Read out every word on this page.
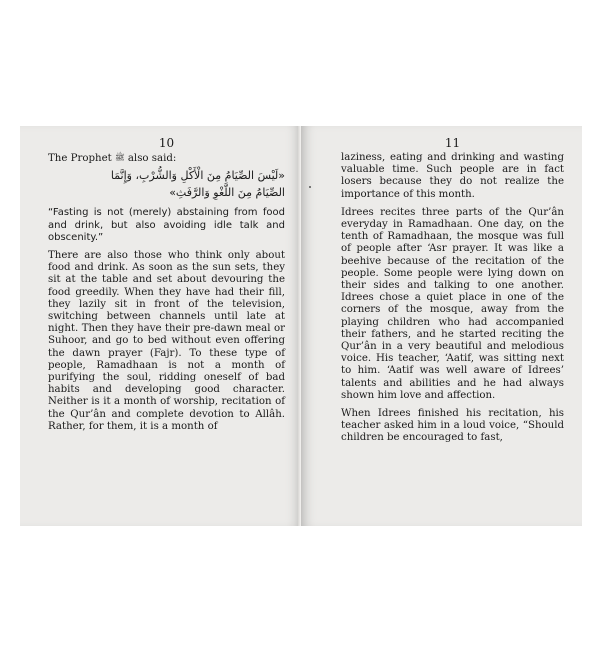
10

The Prophet ﷺ also said:

«لَيْسَ الصِّيَامُ مِنَ الْأَكْلِ وَالشُّرْبِ، وَإِنَّمَا
الصِّيَامُ مِنَ اللَّغْوِ وَالرَّفَثِ»

“Fasting is not (merely) abstaining from food and drink, but also avoiding idle talk and obscenity.”

There are also those who think only about food and drink. As soon as the sun sets, they sit at the table and set about devouring the food greedily. When they have had their fill, they lazily sit in front of the television, switching between channels until late at night. Then they have their pre-dawn meal or Suhoor, and go to bed without even offering the dawn prayer (Fajr). To these type of people, Ramadhaan is not a month of purifying the soul, ridding oneself of bad habits and developing good character. Neither is it a month of worship, recitation of the Qur’ân and complete devotion to Allâh. Rather, for them, it is a month of

11

laziness, eating and drinking and wasting valuable time. Such people are in fact losers because they do not realize the importance of this month.

Idrees recites three parts of the Qur’ân everyday in Ramadhaan. One day, on the tenth of Ramadhaan, the mosque was full of people after ‘Asr prayer. It was like a beehive because of the recitation of the people. Some people were lying down on their sides and talking to one another. Idrees chose a quiet place in one of the corners of the mosque, away from the playing children who had accompanied their fathers, and he started reciting the Qur’ân in a very beautiful and melodious voice. His teacher, ‘Aatif, was sitting next to him. ‘Aatif was well aware of Idrees’ talents and abilities and he had always shown him love and affection.

When Idrees finished his recitation, his teacher asked him in a loud voice, “Should children be encouraged to fast,
